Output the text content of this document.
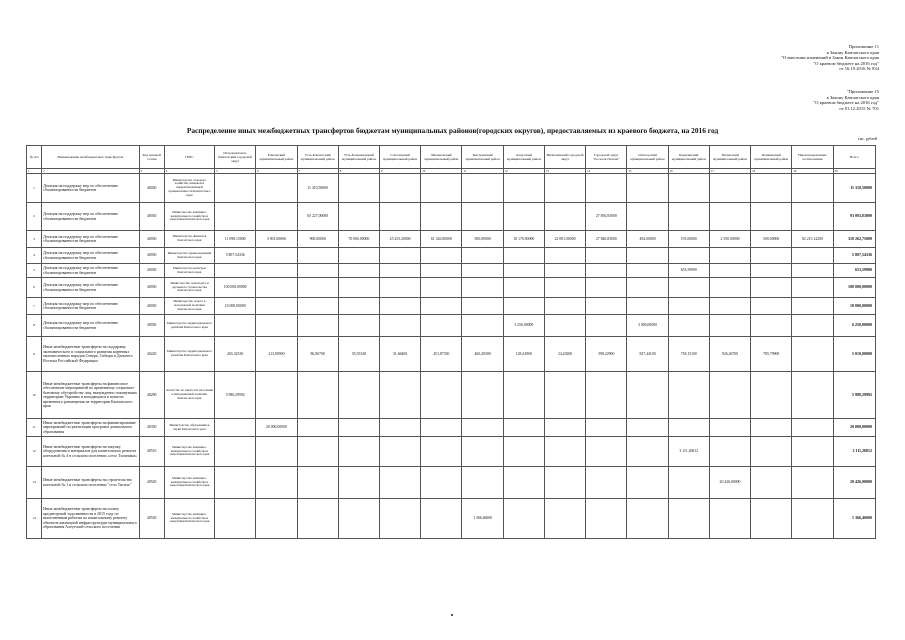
Приложение 11
к Закону Камчатского края
"О внесении изменений в Закон Камчатского края
"О краевом бюджете на 2016 год"
от 16.19.2016 № 834
"Приложение 15
к Закону Камчатского края
"О краевом бюджете на 2016 год"
от 01.12.2015 № 701
Распределение иных межбюджетных трансфертов бюджетам муниципальных районов(городских округов), предоставляемых из краевого бюджета, на 2016 год
тыс. рублей
№ п/п	Наименование межбюджетных трансфертов	Код целевой статьи	ГРБС	Петропавловск-Камчатский городской округ	Елизовский муниципальный район	Усть-Камчатский муниципальный район	Усть-Большерецкий муниципальный район	Соболевский муниципальный район	Мильковский муниципальный район	Быстринский муниципальный район	Алеутский муниципальный район	Вилючинский городской округ	Городской округ "поселок Палана"	Олюторский муниципальный район	Карагинский муниципальный район	Тигильский муниципальный район	Пенжинский муниципальный район	Нераспределенные ассигнования	Всего
1	2	3	4	5	6	7	8	9	10	11	12	13	14	15	16	17	18	19	20
1	Дотация на поддержку мер по обеспечению сбалансированности бюджетов	40030	Министерство сельского хозяйства, пищевой и перерабатывающей промышленности Камчатского края			11 310,50000													11 310,50000
2	Дотация на поддержку мер по обеспечению сбалансированности бюджетов	40030	Министерство жилищно-коммунального хозяйства и энергетики Камчатского края			65 227,00000							27 856,83000						93 083,83000
3	Дотация на поддержку мер по обеспечению сбалансированности бюджетов	40030	Министерство финансов Камчатского края	11 098,15000	3 901,00000	900,00000	70 000,00000	25 255,20000	61 326,00000	500,00000	10 170,00000	22 001,00000	27 846,83000	494,00000	191,00000	2 550,00000	500,00000	82 215,14200	318 262,75000
4	Дотация на поддержку мер по обеспечению сбалансированности бюджетов	40030	Министерство здравоохранения Камчатского края	5 807,54336															5 807,54336
5	Дотация на поддержку мер по обеспечению сбалансированности бюджетов	40030	Министерство культуры Камчатского края												653,59900				653,59900
6	Дотация на поддержку мер по обеспечению сбалансированности бюджетов	40030	Министерство транспорта и дорожного строительства Камчатского края	100 000,00000															100 000,00000
7	Дотация на поддержку мер по обеспечению сбалансированности бюджетов	40030	Министерство спорта и молодежной политики Камчатского края	10 000,00000															10 000,00000
8	Дотация на поддержку мер по обеспечению сбалансированности бюджетов	40030	Министерство территориального развития Камчатского края								3 250,00000			3 000,00000					6 250,00000
9	Иные межбюджетные трансферты на поддержку экономического и социального развития коренных малочисленных народов Севера, Сибири и Дальнего Востока Российской Федерации	40220	Министерство территориального развития Камчатского края	265,32330	213,80900	86,96700	35,55340	31,66400	451,87330	460,28300	128,24900	24,20200	598,22900	827,44100	718,15100	926,26700	785,79900		5 010,00000
10	Иные межбюджетные трансферты на финансовое обеспечение мероприятий по временному социально-бытовому обустройству лиц, вынужденно покинувших территорию Украины и находящихся в пунктах временного размещения на территории Камчатского края	40290	Агентство по занятости населения и миграционной политике Камчатского края	5 980,29992															5 980,29992
11	Иные межбюджетные трансферты на финансирование мероприятий по реализации программ дошкольного образования	40350	Министерство образования и науки Камчатского края		20 000,00000														20 000,00000
12	Иные межбюджетные трансферты на закупку оборудования и материалов для капитального ремонта котельной № 4 в сельском поселении «село Тиличики»	40510	Министерство жилищно-коммунального хозяйства и энергетики Камчатского края												3 111,26812				3 111,26812
13	Иные межбюджетные трансферты на строительство котельной № 1 в сельском поселении "село Тигиль"	40520	Министерство жилищно-коммунального хозяйства и энергетики Камчатского края													20 426,00000			20 426,00000
14	Иные межбюджетные трансферты на оплату кредиторской задолженности в 2015 году по выполненным работам по капитальному ремонту объектов жилищной инфраструктуры муниципального образования Алеутский сельского поселения	40530	Министерство жилищно-коммунального хозяйства и энергетики Камчатского края							1 366,46000									1 366,46000
